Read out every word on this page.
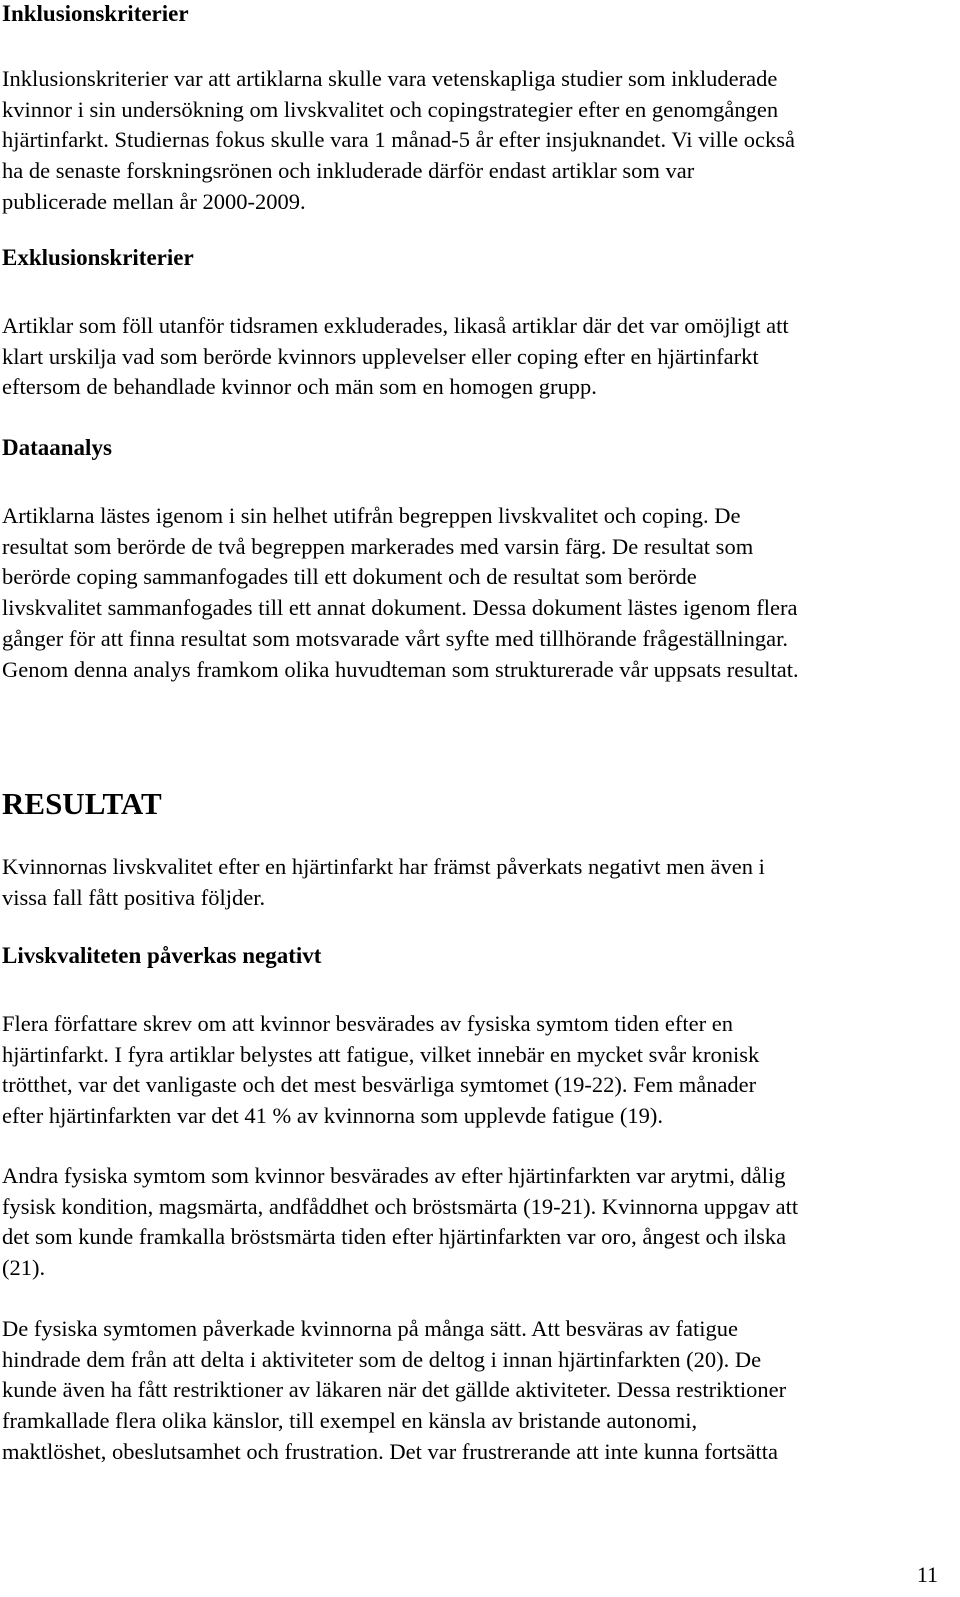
Inklusionskriterier
Inklusionskriterier var att artiklarna skulle vara vetenskapliga studier som inkluderade
kvinnor i sin undersökning om livskvalitet och copingstrategier efter en genomgången
hjärtinfarkt. Studiernas fokus skulle vara 1 månad-5 år efter insjuknandet. Vi ville också
ha de senaste forskningsrönen och inkluderade därför endast artiklar som var
publicerade mellan år 2000-2009.
Exklusionskriterier
Artiklar som föll utanför tidsramen exkluderades, likaså artiklar där det var omöjligt att
klart urskilja vad som berörde kvinnors upplevelser eller coping efter en hjärtinfarkt
eftersom de behandlade kvinnor och män som en homogen grupp.
Dataanalys
Artiklarna lästes igenom i sin helhet utifrån begreppen livskvalitet och coping. De
resultat som berörde de två begreppen markerades med varsin färg. De resultat som
berörde coping sammanfogades till ett dokument och de resultat som berörde
livskvalitet sammanfogades till ett annat dokument. Dessa dokument lästes igenom flera
gånger för att finna resultat som motsvarade vårt syfte med tillhörande frågeställningar.
Genom denna analys framkom olika huvudteman som strukturerade vår uppsats resultat.
RESULTAT
Kvinnornas livskvalitet efter en hjärtinfarkt har främst påverkats negativt men även i
vissa fall fått positiva följder.
Livskvaliteten påverkas negativt
Flera författare skrev om att kvinnor besvärades av fysiska symtom tiden efter en
hjärtinfarkt. I fyra artiklar belystes att fatigue, vilket innebär en mycket svår kronisk
trötthet, var det vanligaste och det mest besvärliga symtomet (19-22). Fem månader
efter hjärtinfarkten var det 41 % av kvinnorna som upplevde fatigue (19).
Andra fysiska symtom som kvinnor besvärades av efter hjärtinfarkten var arytmi, dålig
fysisk kondition, magsmärta, andfåddhet och bröstsmärta (19-21). Kvinnorna uppgav att
det som kunde framkalla bröstsmärta tiden efter hjärtinfarkten var oro, ångest och ilska
(21).
De fysiska symtomen påverkade kvinnorna på många sätt. Att besväras av fatigue
hindrade dem från att delta i aktiviteter som de deltog i innan hjärtinfarkten (20). De
kunde även ha fått restriktioner av läkaren när det gällde aktiviteter. Dessa restriktioner
framkallade flera olika känslor, till exempel en känsla av bristande autonomi,
maktlöshet, obeslutsamhet och frustration. Det var frustrerande att inte kunna fortsätta
11
